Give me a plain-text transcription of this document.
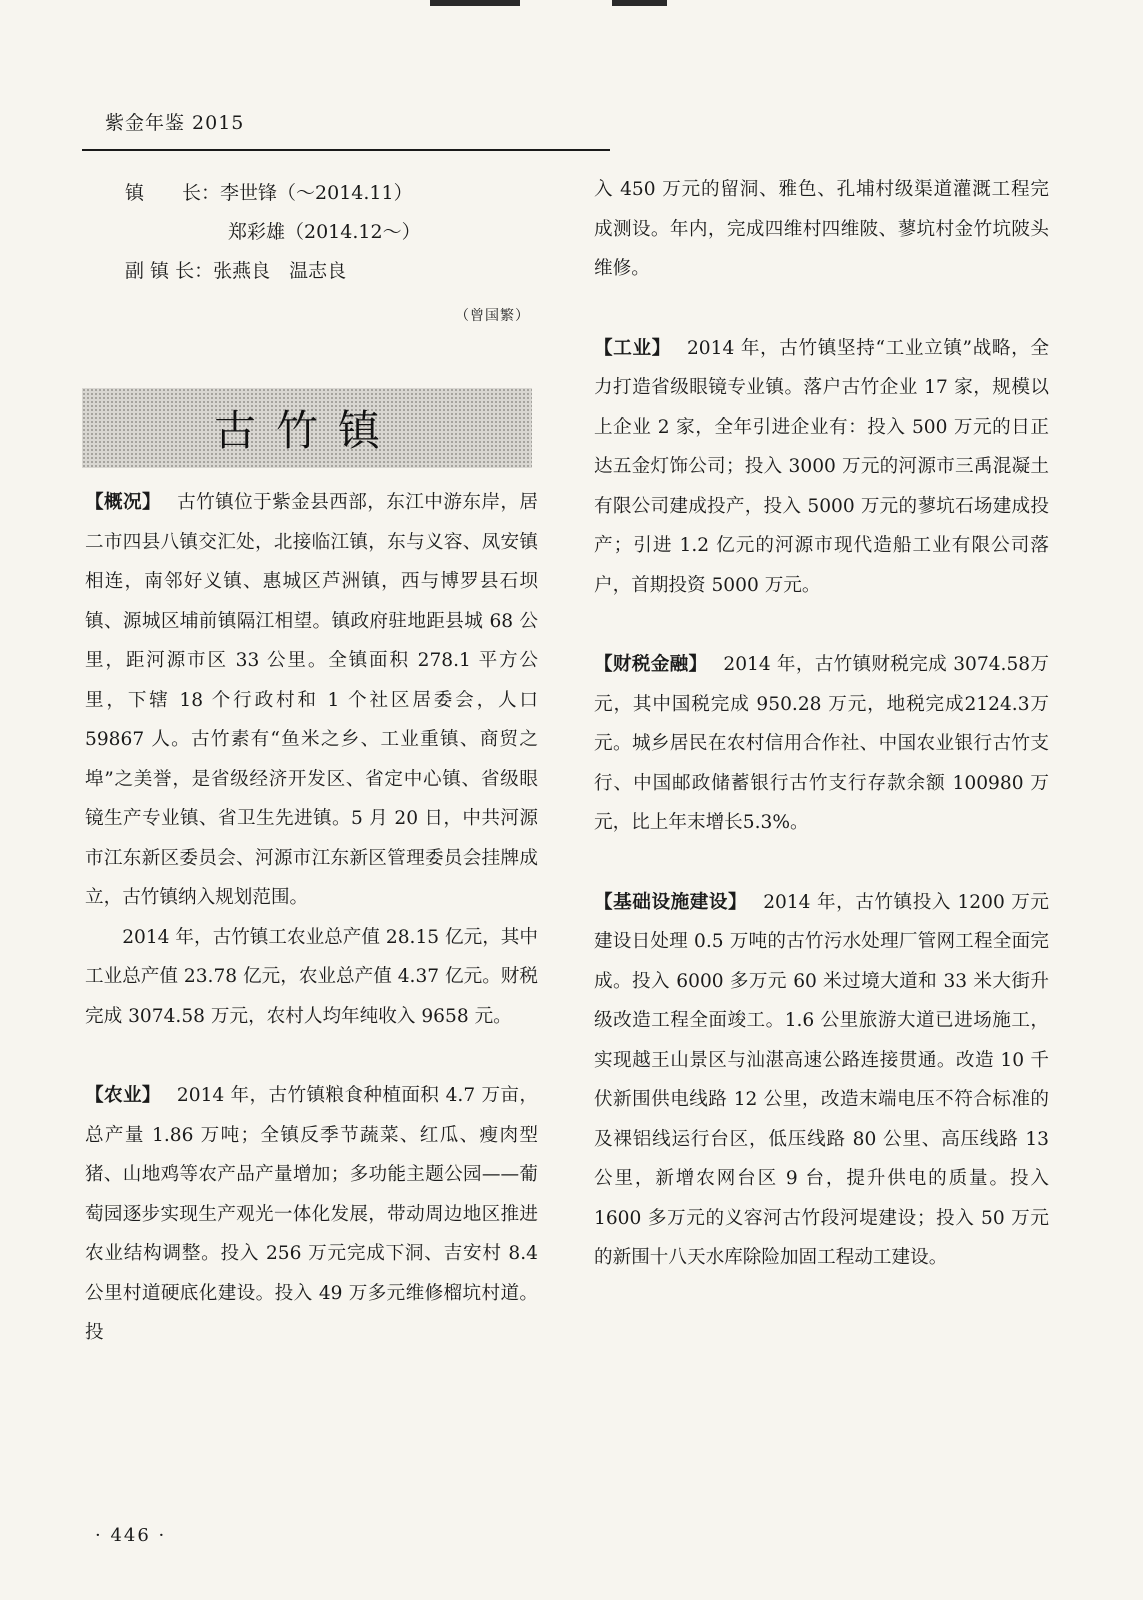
紫金年鉴 2015
镇　　长：李世锋（～2014.11）
郑彩雄（2014.12～）
副 镇 长：张燕良　温志良
（曾国繁）
古竹镇

【概况】 古竹镇位于紫金县西部，东江中游东岸，居二市四县八镇交汇处，北接临江镇，东与义容、凤安镇相连，南邻好义镇、惠城区芦洲镇，西与博罗县石坝镇、源城区埔前镇隔江相望。镇政府驻地距县城 68 公里，距河源市区 33 公里。全镇面积 278.1 平方公里，下辖 18 个行政村和 1 个社区居委会，人口 59867 人。古竹素有“鱼米之乡、工业重镇、商贸之埠”之美誉，是省级经济开发区、省定中心镇、省级眼镜生产专业镇、省卫生先进镇。5 月 20 日，中共河源市江东新区委员会、河源市江东新区管理委员会挂牌成立，古竹镇纳入规划范围。

2014 年，古竹镇工农业总产值 28.15 亿元，其中工业总产值 23.78 亿元，农业总产值 4.37 亿元。财税完成 3074.58 万元，农村人均年纯收入 9658 元。

【农业】 2014 年，古竹镇粮食种植面积 4.7 万亩，总产量 1.86 万吨；全镇反季节蔬菜、红瓜、瘦肉型猪、山地鸡等农产品产量增加；多功能主题公园——葡萄园逐步实现生产观光一体化发展，带动周边地区推进农业结构调整。投入 256 万元完成下洞、吉安村 8.4 公里村道硬底化建设。投入 49 万多元维修榴坑村道。投

入 450 万元的留洞、雅色、孔埔村级渠道灌溉工程完成测设。年内，完成四维村四维陂、蓼坑村金竹坑陂头维修。

【工业】 2014 年，古竹镇坚持“工业立镇”战略，全力打造省级眼镜专业镇。落户古竹企业 17 家，规模以上企业 2 家，全年引进企业有：投入 500 万元的日正达五金灯饰公司；投入 3000 万元的河源市三禹混凝土有限公司建成投产，投入 5000 万元的蓼坑石场建成投产；引进 1.2 亿元的河源市现代造船工业有限公司落户，首期投资 5000 万元。

【财税金融】 2014 年，古竹镇财税完成 3074.58万元，其中国税完成 950.28 万元，地税完成2124.3万元。城乡居民在农村信用合作社、中国农业银行古竹支行、中国邮政储蓄银行古竹支行存款余额 100980 万元，比上年末增长5.3%。

【基础设施建设】 2014 年，古竹镇投入 1200 万元建设日处理 0.5 万吨的古竹污水处理厂管网工程全面完成。投入 6000 多万元 60 米过境大道和 33 米大街升级改造工程全面竣工。1.6 公里旅游大道已进场施工，实现越王山景区与汕湛高速公路连接贯通。改造 10 千伏新围供电线路 12 公里，改造末端电压不符合标准的及裸铝线运行台区，低压线路 80 公里、高压线路 13 公里，新增农网台区 9 台，提升供电的质量。投入 1600 多万元的义容河古竹段河堤建设；投入 50 万元的新围十八天水库除险加固工程动工建设。

· 446 ·
